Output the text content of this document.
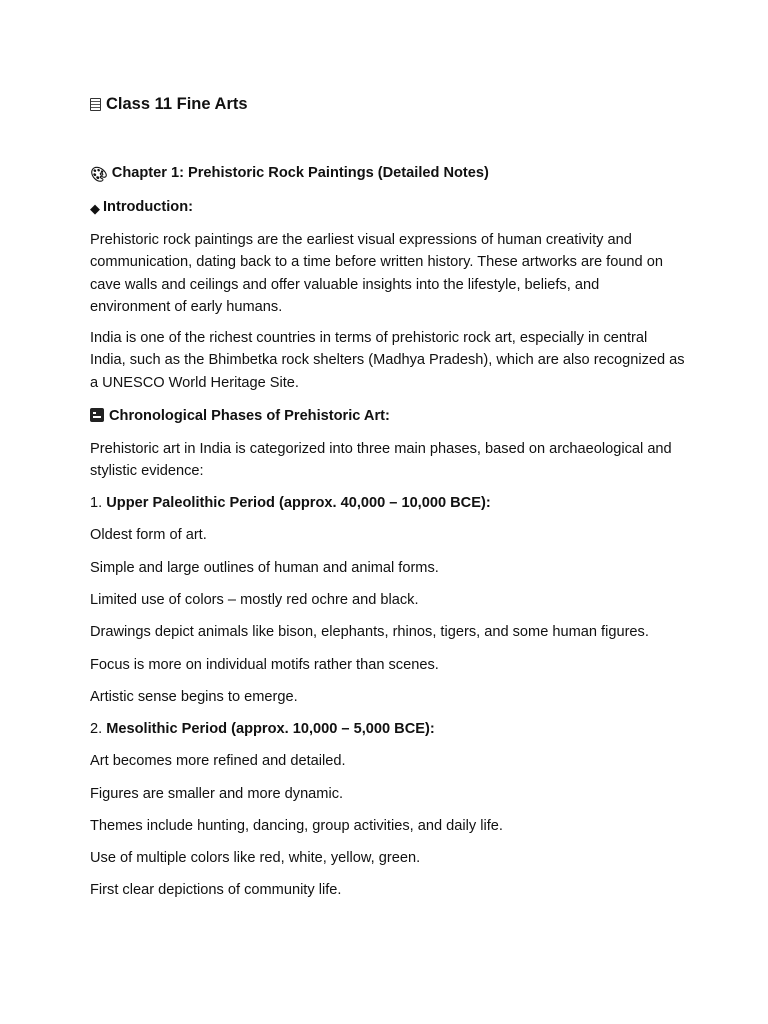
Class 11 Fine Arts
🎨︎ Chapter 1: Prehistoric Rock Paintings (Detailed Notes)
◆ Introduction:
Prehistoric rock paintings are the earliest visual expressions of human creativity and
communication, dating back to a time before written history. These artworks are found on
cave walls and ceilings and offer valuable insights into the lifestyle, beliefs, and
environment of early humans.
India is one of the richest countries in terms of prehistoric rock art, especially in central
India, such as the Bhimbetka rock shelters (Madhya Pradesh), which are also recognized as
a UNESCO World Heritage Site.
Chronological Phases of Prehistoric Art:
Prehistoric art in India is categorized into three main phases, based on archaeological and
stylistic evidence:
1. Upper Paleolithic Period (approx. 40,000 – 10,000 BCE):
Oldest form of art.
Simple and large outlines of human and animal forms.
Limited use of colors – mostly red ochre and black.
Drawings depict animals like bison, elephants, rhinos, tigers, and some human figures.
Focus is more on individual motifs rather than scenes.
Artistic sense begins to emerge.
2. Mesolithic Period (approx. 10,000 – 5,000 BCE):
Art becomes more refined and detailed.
Figures are smaller and more dynamic.
Themes include hunting, dancing, group activities, and daily life.
Use of multiple colors like red, white, yellow, green.
First clear depictions of community life.
